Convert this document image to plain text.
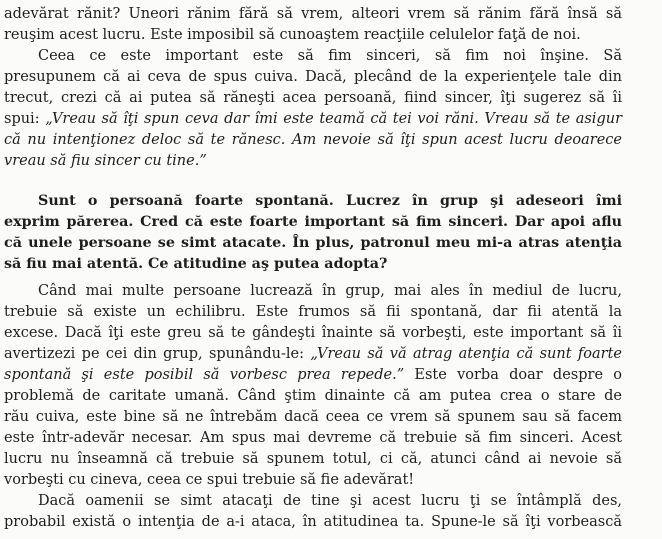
adevărat rănit? Uneori rănim fără să vrem, alteori vrem să rănim fără însă să
reuşim acest lucru. Este imposibil să cunoaştem reacţiile celulelor faţă de noi.
Ceea ce este important este să fim sinceri, să fim noi înşine. Să
presupunem că ai ceva de spus cuiva. Dacă, plecând de la experienţele tale din
trecut, crezi că ai putea să răneşti acea persoană, fiind sincer, îţi sugerez să îi
spui: „Vreau să îţi spun ceva dar îmi este teamă că tei voi răni. Vreau să te asigur
că nu intenţionez deloc să te rănesc. Am nevoie să îţi spun acest lucru deoarece
vreau să fiu sincer cu tine.”
Sunt o persoană foarte spontană. Lucrez în grup şi adeseori îmi
exprim părerea. Cred că este foarte important să fim sinceri. Dar apoi aflu
că unele persoane se simt atacate. În plus, patronul meu mi-a atras atenţia
să fiu mai atentă. Ce atitudine aş putea adopta?
Când mai multe persoane lucrează în grup, mai ales în mediul de lucru,
trebuie să existe un echilibru. Este frumos să fii spontană, dar fii atentă la
excese. Dacă îţi este greu să te gândeşti înainte să vorbeşti, este important să îi
avertizezi pe cei din grup, spunându-le: „Vreau să vă atrag atenţia că sunt foarte
spontană şi este posibil să vorbesc prea repede.” Este vorba doar despre o
problemă de caritate umană. Când ştim dinainte că am putea crea o stare de
rău cuiva, este bine să ne întrebăm dacă ceea ce vrem să spunem sau să facem
este într-adevăr necesar. Am spus mai devreme că trebuie să fim sinceri. Acest
lucru nu înseamnă că trebuie să spunem totul, ci că, atunci când ai nevoie să
vorbeşti cu cineva, ceea ce spui trebuie să fie adevărat!
Dacă oamenii se simt atacaţi de tine şi acest lucru ţi se întâmplă des,
probabil există o intenţia de a-i ataca, în atitudinea ta. Spune-le să îţi vorbească
